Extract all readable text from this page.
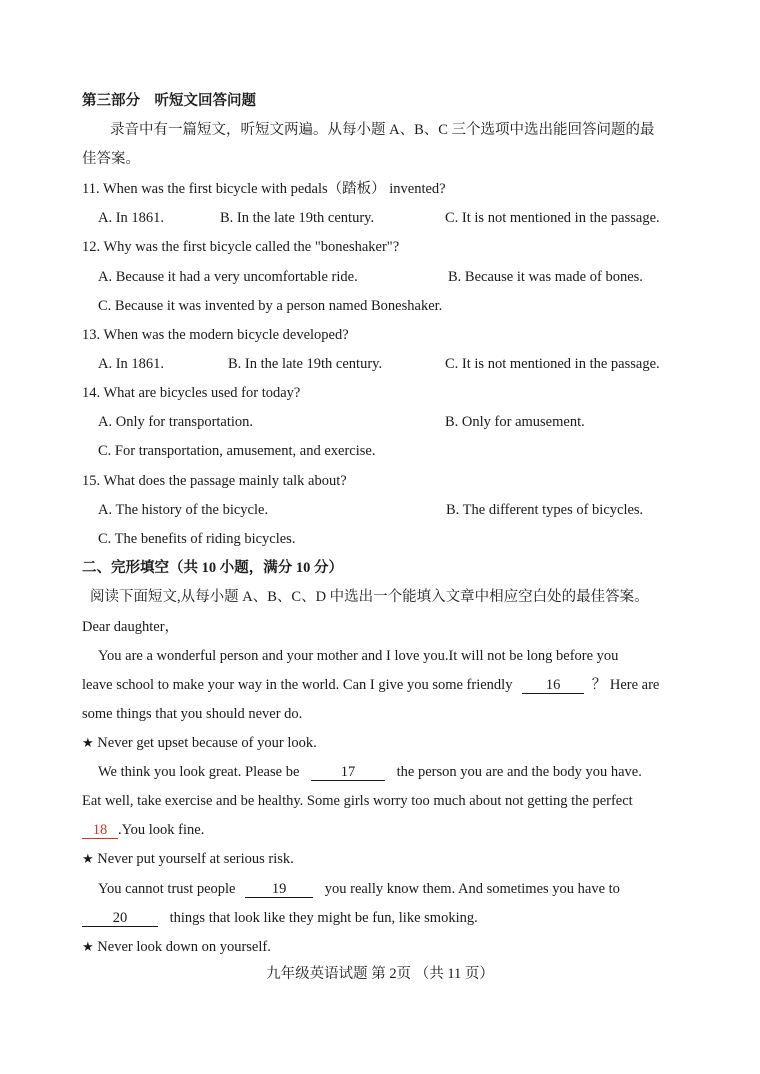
第三部分　听短文回答问题
录音中有一篇短文，听短文两遍。从每小题 A、B、C 三个选项中选出能回答问题的最
佳答案。
11. When was the first bicycle with pedals（踏板） invented?
A. In 1861.	B. In the late 19th century.	C. It is not mentioned in the passage.
12. Why was the first bicycle called the "boneshaker"?
A. Because it had a very uncomfortable ride.	B. Because it was made of bones.
C. Because it was invented by a person named Boneshaker.
13. When was the modern bicycle developed?
A. In 1861.	B. In the late 19th century.	C. It is not mentioned in the passage.
14. What are bicycles used for today?
A. Only for transportation.	B. Only for amusement.
C. For transportation, amusement, and exercise.
15. What does the passage mainly talk about?
A. The history of the bicycle.	B. The different types of bicycles.
C. The benefits of riding bicycles.
二、完形填空（共 10 小题，满分 10 分）
阅读下面短文,从每小题 A、B、C、D 中选出一个能填入文章中相应空白处的最佳答案。
Dear daughter，
You are a wonderful person and your mother and I love you.It will not be long before you
leave school to make your way in the world. Can I give you some friendly 16 ？ Here are
some things that you should never do.
★ Never get upset because of your look.
We think you look great. Please be	17	the person you are and the body you have.
Eat well, take exercise and be healthy. Some girls worry too much about not getting the perfect
18 .You look fine.
★ Never put yourself at serious risk.
You cannot trust people	19	you really know them. And sometimes you have to
20	things that look like they might be fun, like smoking.
★ Never look down on yourself.
九年级英语试题 第 2页 （共 11 页）
